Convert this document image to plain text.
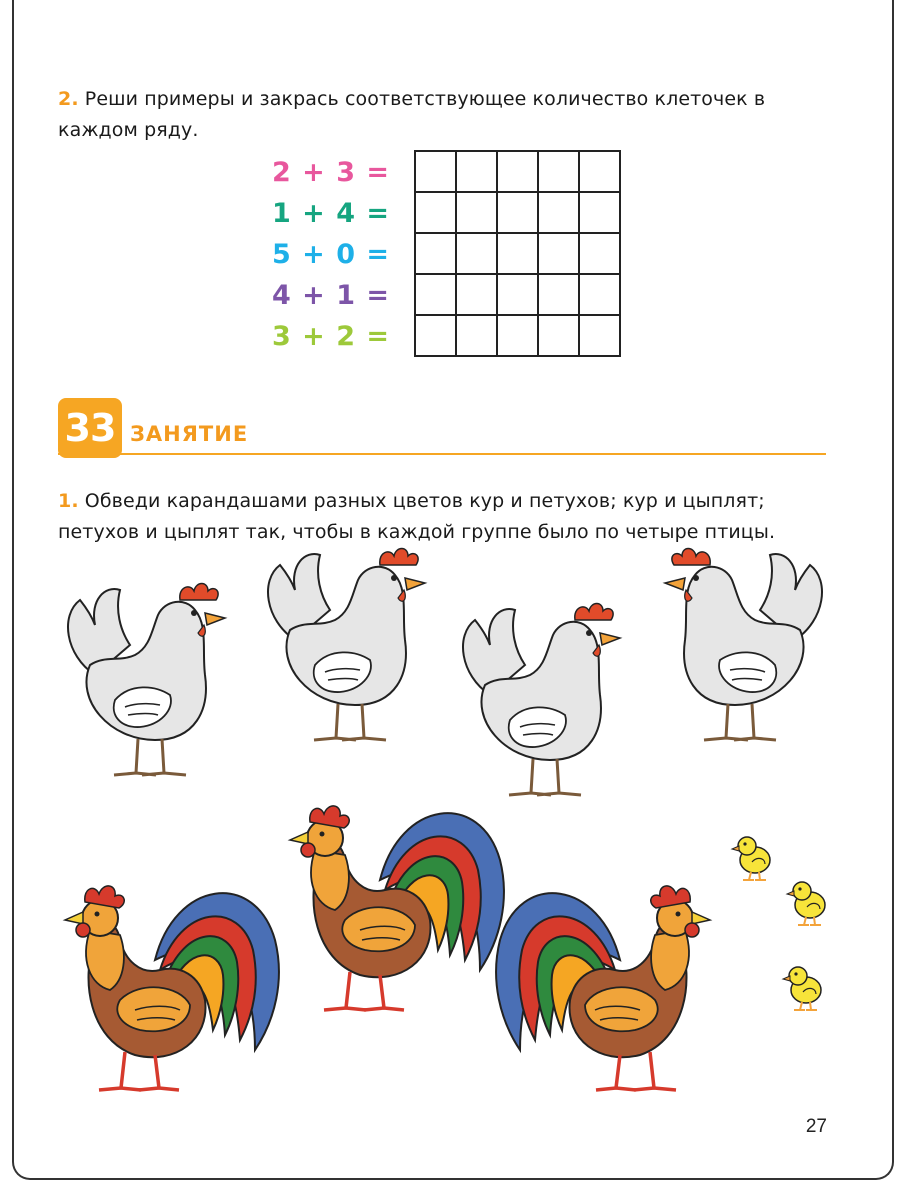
2. Реши примеры и закрась соответствующее количество клеточек в каждом ряду.
2 + 3 =
1 + 4 =
5 + 0 =
4 + 1 =
3 + 2 =

33 ЗАНЯТИЕ
1. Обведи карандашами разных цветов кур и петухов; кур и цыплят; петухов и цыплят так, чтобы в каждой группе было по четыре птицы.
27
